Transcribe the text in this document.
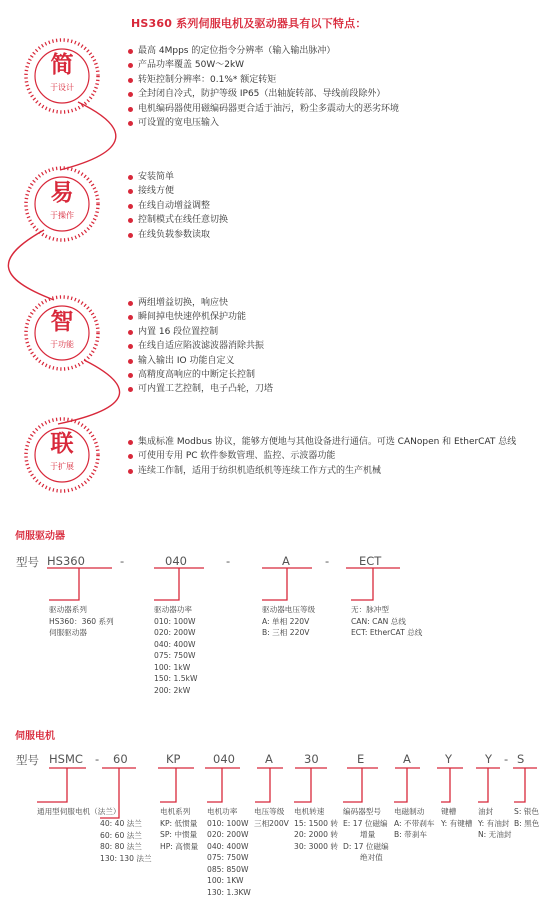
HS360 系列伺服电机及驱动器具有以下特点：
简
于设计
易
于操作
智
于功能
联
于扩展
最高 4Mpps 的定位指令分辨率（输入输出脉冲）
产品功率覆盖 50W～2kW
转矩控制分辨率：0.1%* 额定转矩
全封闭自冷式，防护等级 IP65（出轴旋转部、导线前段除外）
电机编码器使用磁编码器更合适于油污，粉尘多震动大的恶劣环境
可设置的宽电压输入
安装简单
接线方便
在线自动增益调整
控制模式在线任意切换
在线负载参数读取
两组增益切换，响应快
瞬间掉电快速停机保护功能
内置 16 段位置控制
在线自适应陷波滤波器消除共振
输入输出 IO 功能自定义
高精度高响应的中断定长控制
可内置工艺控制，电子凸轮，刀塔
集成标准 Modbus 协议，能够方便地与其他设备进行通信。可选 CANopen 和 EtherCAT 总线
可使用专用 PC 软件参数管理、监控、示波器功能
连续工作制，适用于纺织机造纸机等连续工作方式的生产机械
伺服驱动器
型号 HS360	-	040	-	A	-	ECT
驱动器系列
HS360：360 系列
伺服驱动器
驱动器功率
010: 100W
020: 200W
040: 400W
075: 750W
100: 1kW
150: 1.5kW
200: 2kW
驱动器电压等级
A: 单相 220V
B: 三相 220V
无：脉冲型
CAN: CAN 总线
ECT: EtherCAT 总线
伺服电机
型号 HSMC - 60	KP	040	A	30	E	A	Y	Y - S
通用型伺服电机（法兰）
40: 40 法兰
60: 60 法兰
80: 80 法兰
130: 130 法兰
电机系列
KP: 低惯量
SP: 中惯量
HP: 高惯量
电机功率
010: 100W
020: 200W
040: 400W
075: 750W
085: 850W
100: 1KW
130: 1.3KW
电压等级
三相200V
电机转速
15: 1500 转
20: 2000 转
30: 3000 转
编码器型号
E: 17 位磁编
增量
D: 17 位磁编
绝对值
电磁制动
A: 不带刹车
B: 带刹车
键槽
Y: 有键槽
油封
Y: 有油封
N: 无油封
S: 银色
B: 黑色
